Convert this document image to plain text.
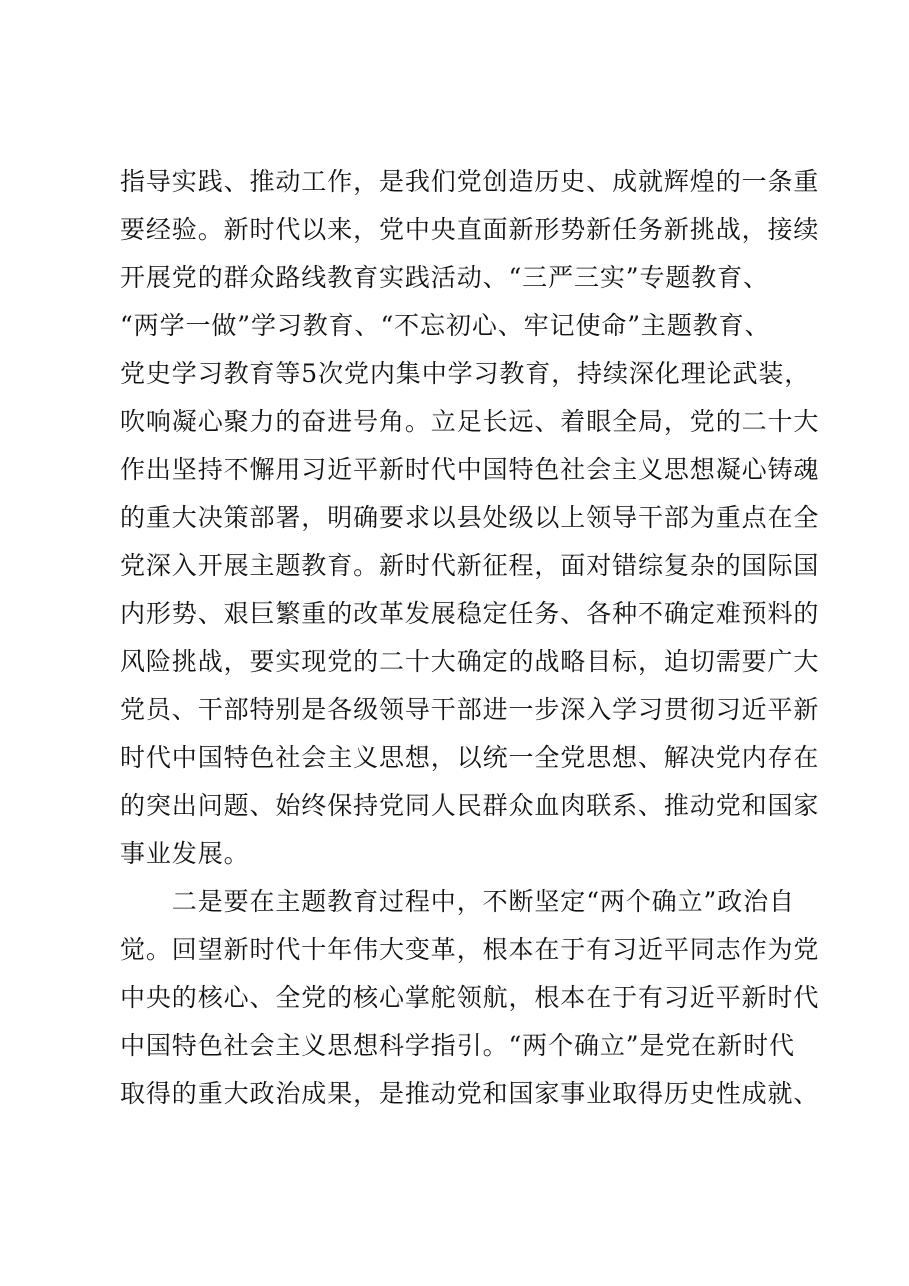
指导实践、推动工作，是我们党创造历史、成就辉煌的一条重
要经验。新时代以来，党中央直面新形势新任务新挑战，接续
开展党的群众路线教育实践活动、“三严三实”专题教育、
“两学一做”学习教育、“不忘初心、牢记使命”主题教育、
党史学习教育等5次党内集中学习教育，持续深化理论武装，
吹响凝心聚力的奋进号角。立足长远、着眼全局，党的二十大
作出坚持不懈用习近平新时代中国特色社会主义思想凝心铸魂
的重大决策部署，明确要求以县处级以上领导干部为重点在全
党深入开展主题教育。新时代新征程，面对错综复杂的国际国
内形势、艰巨繁重的改革发展稳定任务、各种不确定难预料的
风险挑战，要实现党的二十大确定的战略目标，迫切需要广大
党员、干部特别是各级领导干部进一步深入学习贯彻习近平新
时代中国特色社会主义思想，以统一全党思想、解决党内存在
的突出问题、始终保持党同人民群众血肉联系、推动党和国家
事业发展。
　　二是要在主题教育过程中，不断坚定“两个确立”政治自
觉。回望新时代十年伟大变革，根本在于有习近平同志作为党
中央的核心、全党的核心掌舵领航，根本在于有习近平新时代
中国特色社会主义思想科学指引。“两个确立”是党在新时代
取得的重大政治成果，是推动党和国家事业取得历史性成就、
